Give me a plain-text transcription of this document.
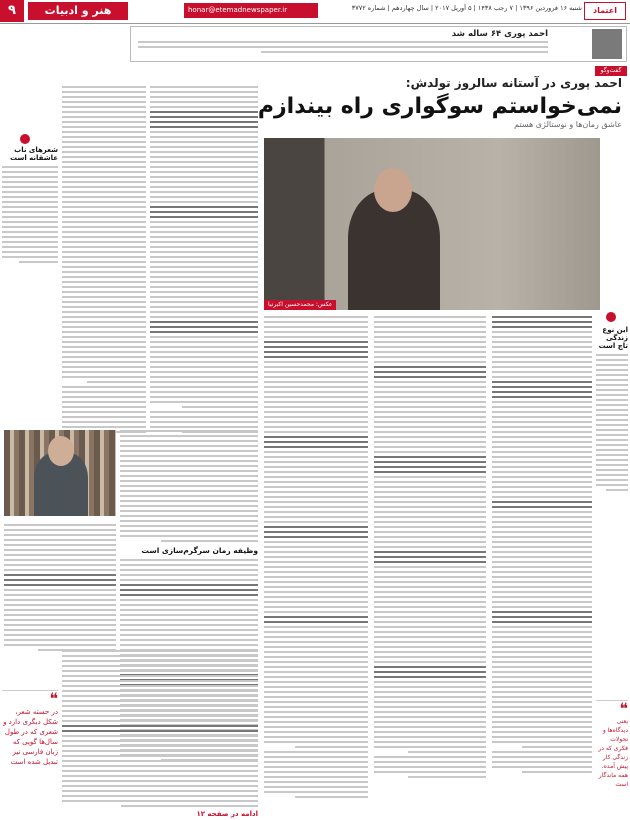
۹	هنر و ادبیات	honar@etemadnewspaper.ir	شنبه ۱۶ فروردین ۱۳۹۶ | ۷ رجب ۱۴۳۸ | ۵ آوریل ۲۰۱۷ | سال چهاردهم | شماره ۳۷۷۲	اعتماد
احمد پوری ۶۴ ساله شد
گفت‌وگو
احمد پوری در آستانه سالروز تولدش:
نمی‌خواستم سوگواری راه بیندازم
عاشق رمان‌ها و نوستالژی هستم
عکس: محمدحسین اکبرنیا
شعرهای ناب عاشقانه است
وظیفه رمان سرگرم‌سازی است
❝
در حسته شعر، شکل دیگری دارد و شعری که در طول سال‌ها گویی که زبان فارسی نیز تبدیل شده است
ادامه در صفحه ۱۲
این نوع زندگی تاچ است
❝
یعنی دیدگاه‌ها و تحولات فکری که در زندگی کار پیش آمده، همه ماندگار است
